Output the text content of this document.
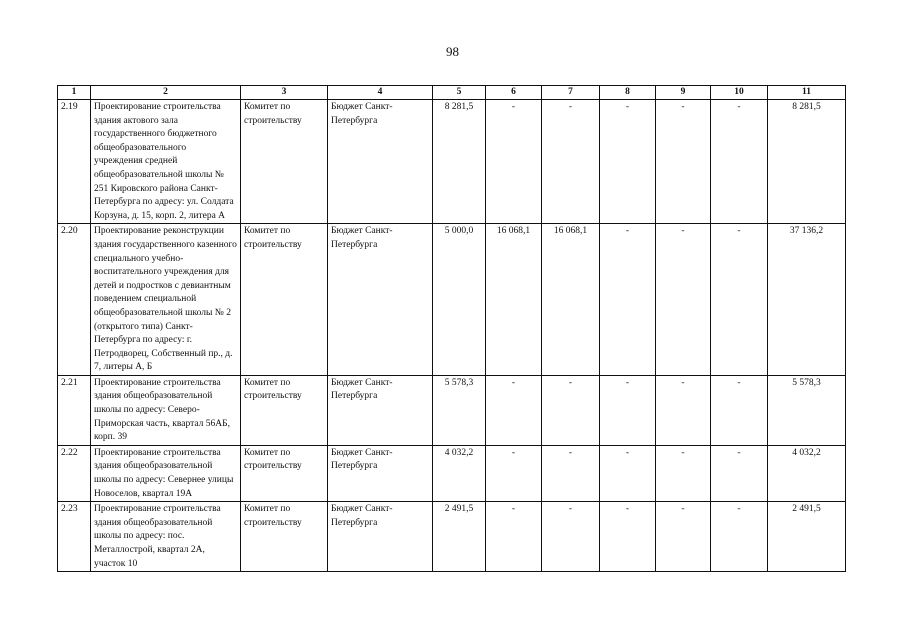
98
1	2	3	4	5	6	7	8	9	10	11
2.19	Проектирование строительства здания актового зала государственного бюджетного общеобразовательного учреждения средней общеобразовательной школы № 251 Кировского района Санкт-Петербурга по адресу: ул. Солдата Корзуна, д. 15, корп. 2, литера А	Комитет по строительству	Бюджет Санкт-Петербурга	8 281,5	-	-	-	-	-	8 281,5
2.20	Проектирование реконструкции здания государственного казенного специального учебно-воспитательного учреждения для детей и подростков с девиантным поведением специальной общеобразовательной школы № 2 (открытого типа) Санкт-Петербурга по адресу: г. Петродворец, Собственный пр., д. 7, литеры А, Б	Комитет по строительству	Бюджет Санкт-Петербурга	5 000,0	16 068,1	16 068,1	-	-	-	37 136,2
2.21	Проектирование строительства здания общеобразовательной школы по адресу: Северо-Приморская часть, квартал 56АБ, корп. 39	Комитет по строительству	Бюджет Санкт-Петербурга	5 578,3	-	-	-	-	-	5 578,3
2.22	Проектирование строительства здания общеобразовательной школы по адресу: Севернее улицы Новоселов, квартал 19А	Комитет по строительству	Бюджет Санкт-Петербурга	4 032,2	-	-	-	-	-	4 032,2
2.23	Проектирование строительства здания общеобразовательной школы по адресу: пос. Металлострой, квартал 2А, участок 10	Комитет по строительству	Бюджет Санкт-Петербурга	2 491,5	-	-	-	-	-	2 491,5
